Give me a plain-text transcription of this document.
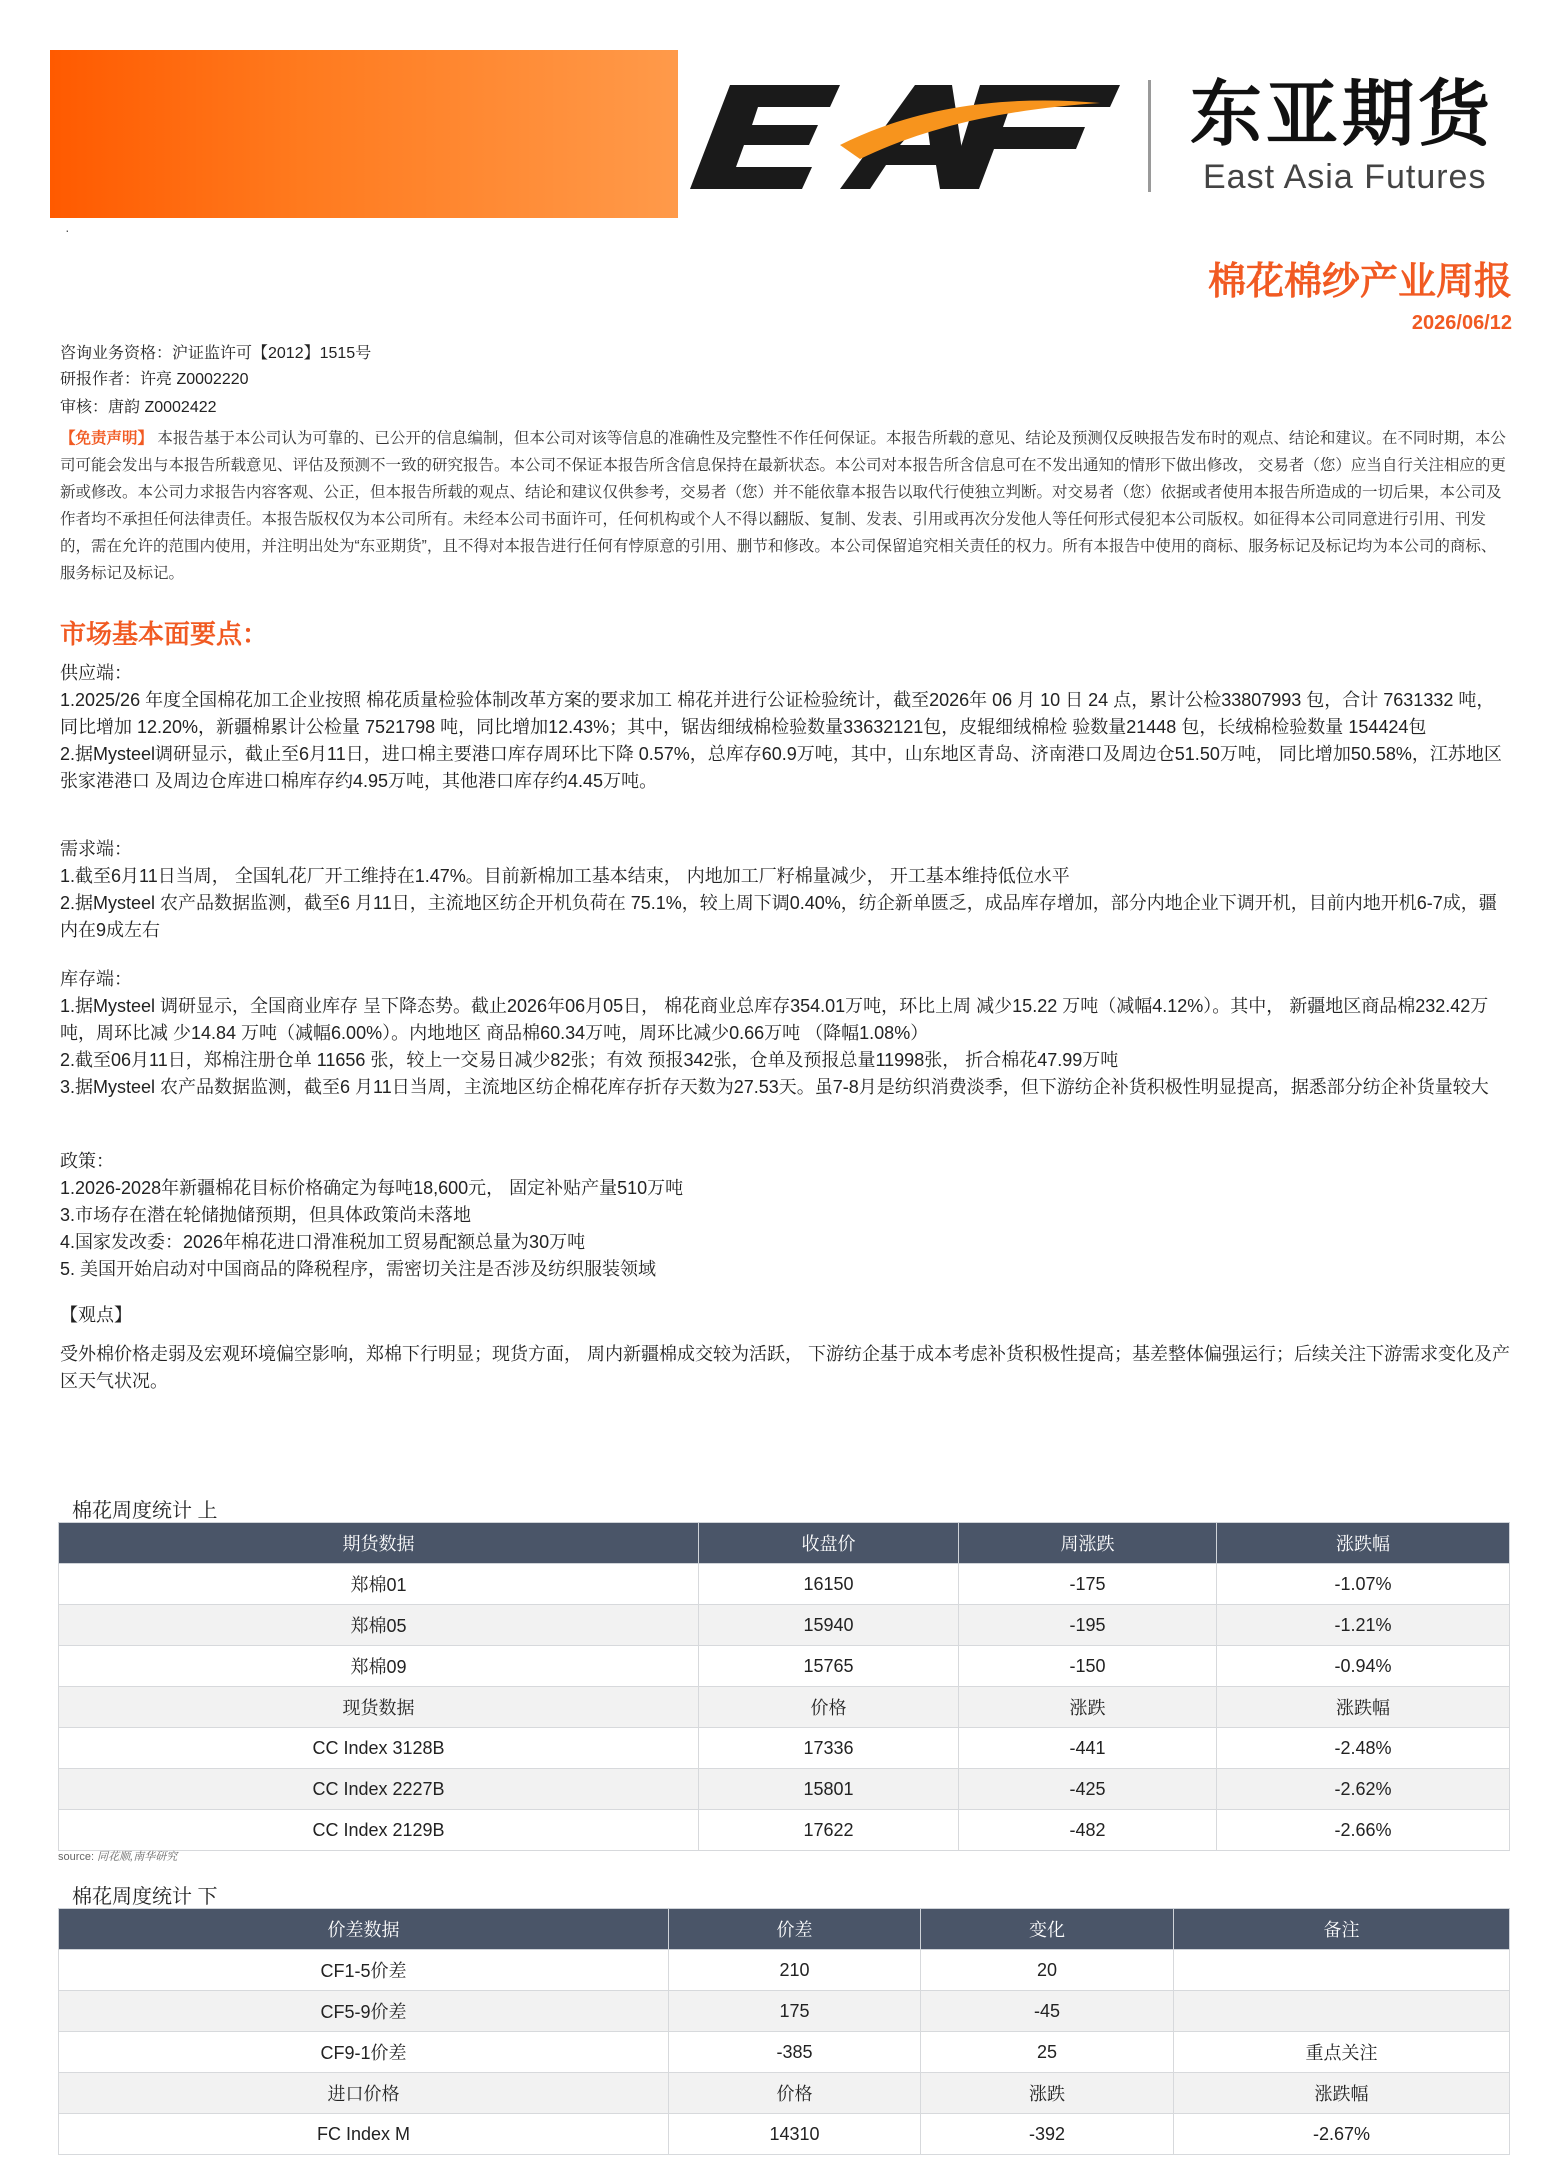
东亚期货
East Asia Futures
·
棉花棉纱产业周报
2026/06/12
咨询业务资格：沪证监许可【2012】1515号
研报作者：许亮 Z0002220
审核：唐韵 Z0002422
【免责声明】 本报告基于本公司认为可靠的、已公开的信息编制，但本公司对该等信息的准确性及完整性不作任何保证。本报告所载的意见、结论及预测仅反映报告发布时的观点、结论和建议。在不同时期，本公司可能会发出与本报告所载意见、评估及预测不一致的研究报告。本公司不保证本报告所含信息保持在最新状态。本公司对本报告所含信息可在不发出通知的情形下做出修改， 交易者（您）应当自行关注相应的更新或修改。本公司力求报告内容客观、公正，但本报告所载的观点、结论和建议仅供参考，交易者（您）并不能依靠本报告以取代行使独立判断。对交易者（您）依据或者使用本报告所造成的一切后果，本公司及作者均不承担任何法律责任。本报告版权仅为本公司所有。未经本公司书面许可，任何机构或个人不得以翻版、复制、发表、引用或再次分发他人等任何形式侵犯本公司版权。如征得本公司同意进行引用、刊发的，需在允许的范围内使用，并注明出处为“东亚期货”，且不得对本报告进行任何有悖原意的引用、删节和修改。本公司保留追究相关责任的权力。所有本报告中使用的商标、服务标记及标记均为本公司的商标、服务标记及标记。
市场基本面要点：

供应端：

1.2025/26 年度全国棉花加工企业按照 棉花质量检验体制改革方案的要求加工 棉花并进行公证检验统计，截至2026年 06 月 10 日 24 点，累计公检33807993 包，合计 7631332 吨，同比增加 12.20%，新疆棉累计公检量 7521798 吨，同比增加12.43%；其中，锯齿细绒棉检验数量33632121包，皮辊细绒棉检 验数量21448 包，长绒棉检验数量 154424包

2.据Mysteel调研显示，截止至6月11日，进口棉主要港口库存周环比下降 0.57%，总库存60.9万吨，其中，山东地区青岛、济南港口及周边仓51.50万吨， 同比增加50.58%，江苏地区张家港港口 及周边仓库进口棉库存约4.95万吨，其他港口库存约4.45万吨。

需求端：

1.截至6月11日当周， 全国轧花厂开工维持在1.47%。目前新棉加工基本结束， 内地加工厂籽棉量减少， 开工基本维持低位水平

2.据Mysteel 农产品数据监测，截至6 月11日，主流地区纺企开机负荷在 75.1%，较上周下调0.40%，纺企新单匮乏，成品库存增加，部分内地企业下调开机，目前内地开机6-7成，疆内在9成左右

库存端：

1.据Mysteel 调研显示，全国商业库存 呈下降态势。截止2026年06月05日， 棉花商业总库存354.01万吨，环比上周 减少15.22 万吨（减幅4.12%）。其中， 新疆地区商品棉232.42万吨，周环比减 少14.84 万吨（减幅6.00%）。内地地区 商品棉60.34万吨，周环比减少0.66万吨 （降幅1.08%）

2.截至06月11日，郑棉注册仓单 11656 张，较上一交易日减少82张；有效 预报342张，仓单及预报总量11998张， 折合棉花47.99万吨

3.据Mysteel 农产品数据监测，截至6 月11日当周，主流地区纺企棉花库存折存天数为27.53天。虽7-8月是纺织消费淡季，但下游纺企补货积极性明显提高，据悉部分纺企补货量较大

政策：

1.2026-2028年新疆棉花目标价格确定为每吨18,600元， 固定补贴产量510万吨

3.市场存在潜在轮储抛储预期，但具体政策尚未落地

4.国家发改委：2026年棉花进口滑准税加工贸易配额总量为30万吨

5. 美国开始启动对中国商品的降税程序，需密切关注是否涉及纺织服装领域

【观点】

受外棉价格走弱及宏观环境偏空影响，郑棉下行明显；现货方面， 周内新疆棉成交较为活跃， 下游纺企基于成本考虑补货积极性提高；基差整体偏强运行；后续关注下游需求变化及产区天气状况。

棉花周度统计 上
期货数据	收盘价	周涨跌	涨跌幅
郑棉01	16150	-175	-1.07%
郑棉05	15940	-195	-1.21%
郑棉09	15765	-150	-0.94%
现货数据	价格	涨跌	涨跌幅
CC Index 3128B	17336	-441	-2.48%
CC Index 2227B	15801	-425	-2.62%
CC Index 2129B	17622	-482	-2.66%
source: 同花顺,南华研究
棉花周度统计 下
价差数据	价差	变化	备注
CF1-5价差	210	20	
CF5-9价差	175	-45	
CF9-1价差	-385	25	重点关注
进口价格	价格	涨跌	涨跌幅
FC Index M	14310	-392	-2.67%
